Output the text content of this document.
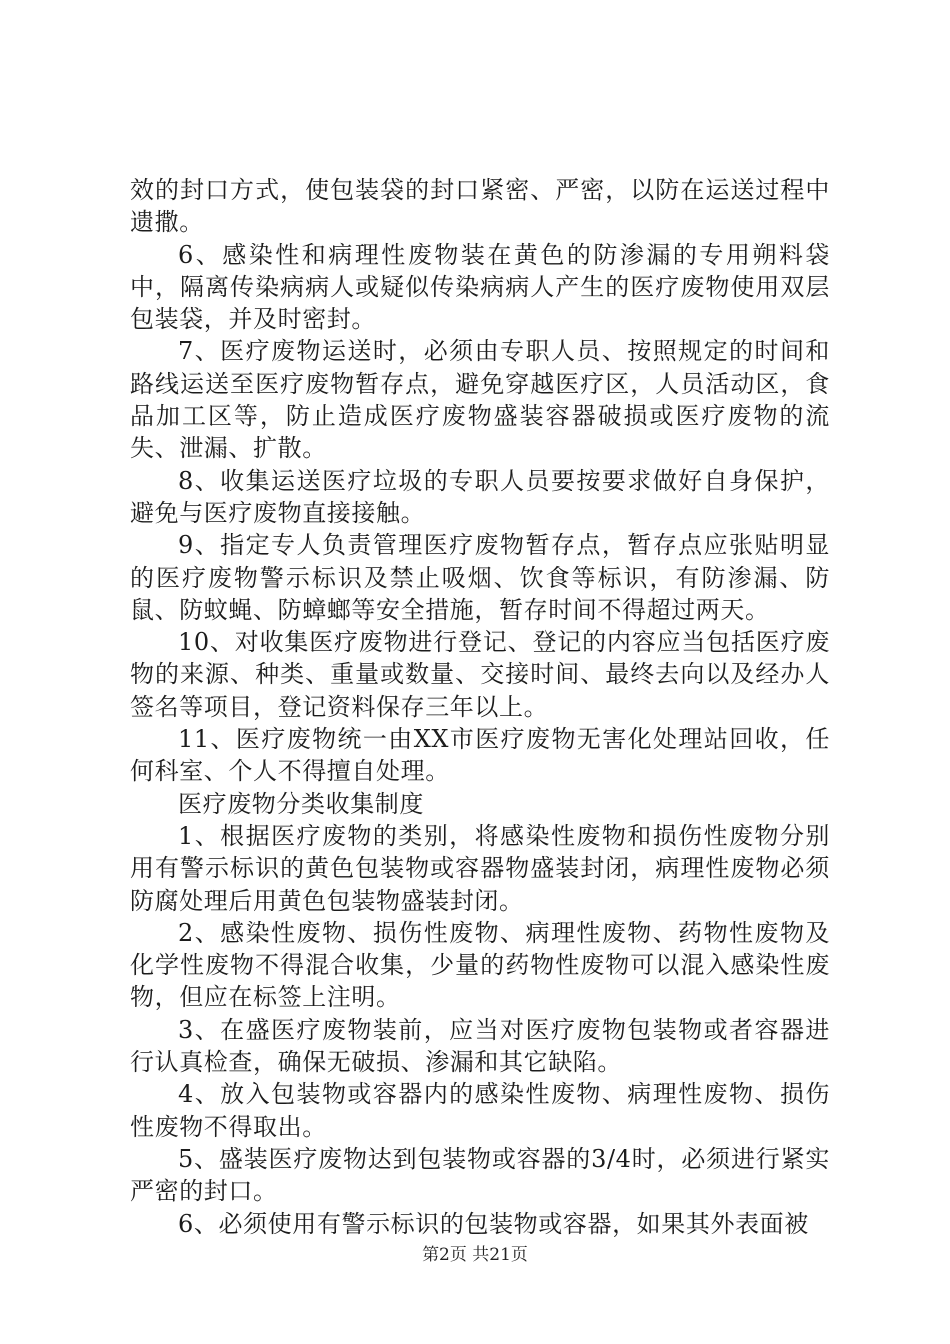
效的封口方式，使包装袋的封口紧密、严密，以防在运送过程中遗撒。

6、感染性和病理性废物装在黄色的防渗漏的专用朔料袋中，隔离传染病病人或疑似传染病病人产生的医疗废物使用双层包装袋，并及时密封。

7、医疗废物运送时，必须由专职人员、按照规定的时间和路线运送至医疗废物暂存点，避免穿越医疗区，人员活动区，食品加工区等，防止造成医疗废物盛装容器破损或医疗废物的流失、泄漏、扩散。

8、收集运送医疗垃圾的专职人员要按要求做好自身保护，避免与医疗废物直接接触。

9、指定专人负责管理医疗废物暂存点，暂存点应张贴明显的医疗废物警示标识及禁止吸烟、饮食等标识，有防渗漏、防鼠、防蚊蝇、防蟑螂等安全措施，暂存时间不得超过两天。

10、对收集医疗废物进行登记、登记的内容应当包括医疗废物的来源、种类、重量或数量、交接时间、最终去向以及经办人签名等项目，登记资料保存三年以上。

11、医疗废物统一由XX市医疗废物无害化处理站回收，任何科室、个人不得擅自处理。

医疗废物分类收集制度

1、根据医疗废物的类别，将感染性废物和损伤性废物分别用有警示标识的黄色包装物或容器物盛装封闭，病理性废物必须防腐处理后用黄色包装物盛装封闭。

2、感染性废物、损伤性废物、病理性废物、药物性废物及化学性废物不得混合收集，少量的药物性废物可以混入感染性废物，但应在标签上注明。

3、在盛医疗废物装前，应当对医疗废物包装物或者容器进行认真检查，确保无破损、渗漏和其它缺陷。

4、放入包装物或容器内的感染性废物、病理性废物、损伤性废物不得取出。

5、盛装医疗废物达到包装物或容器的3/4时，必须进行紧实严密的封口。

6、必须使用有警示标识的包装物或容器，如果其外表面被

第2页 共21页
